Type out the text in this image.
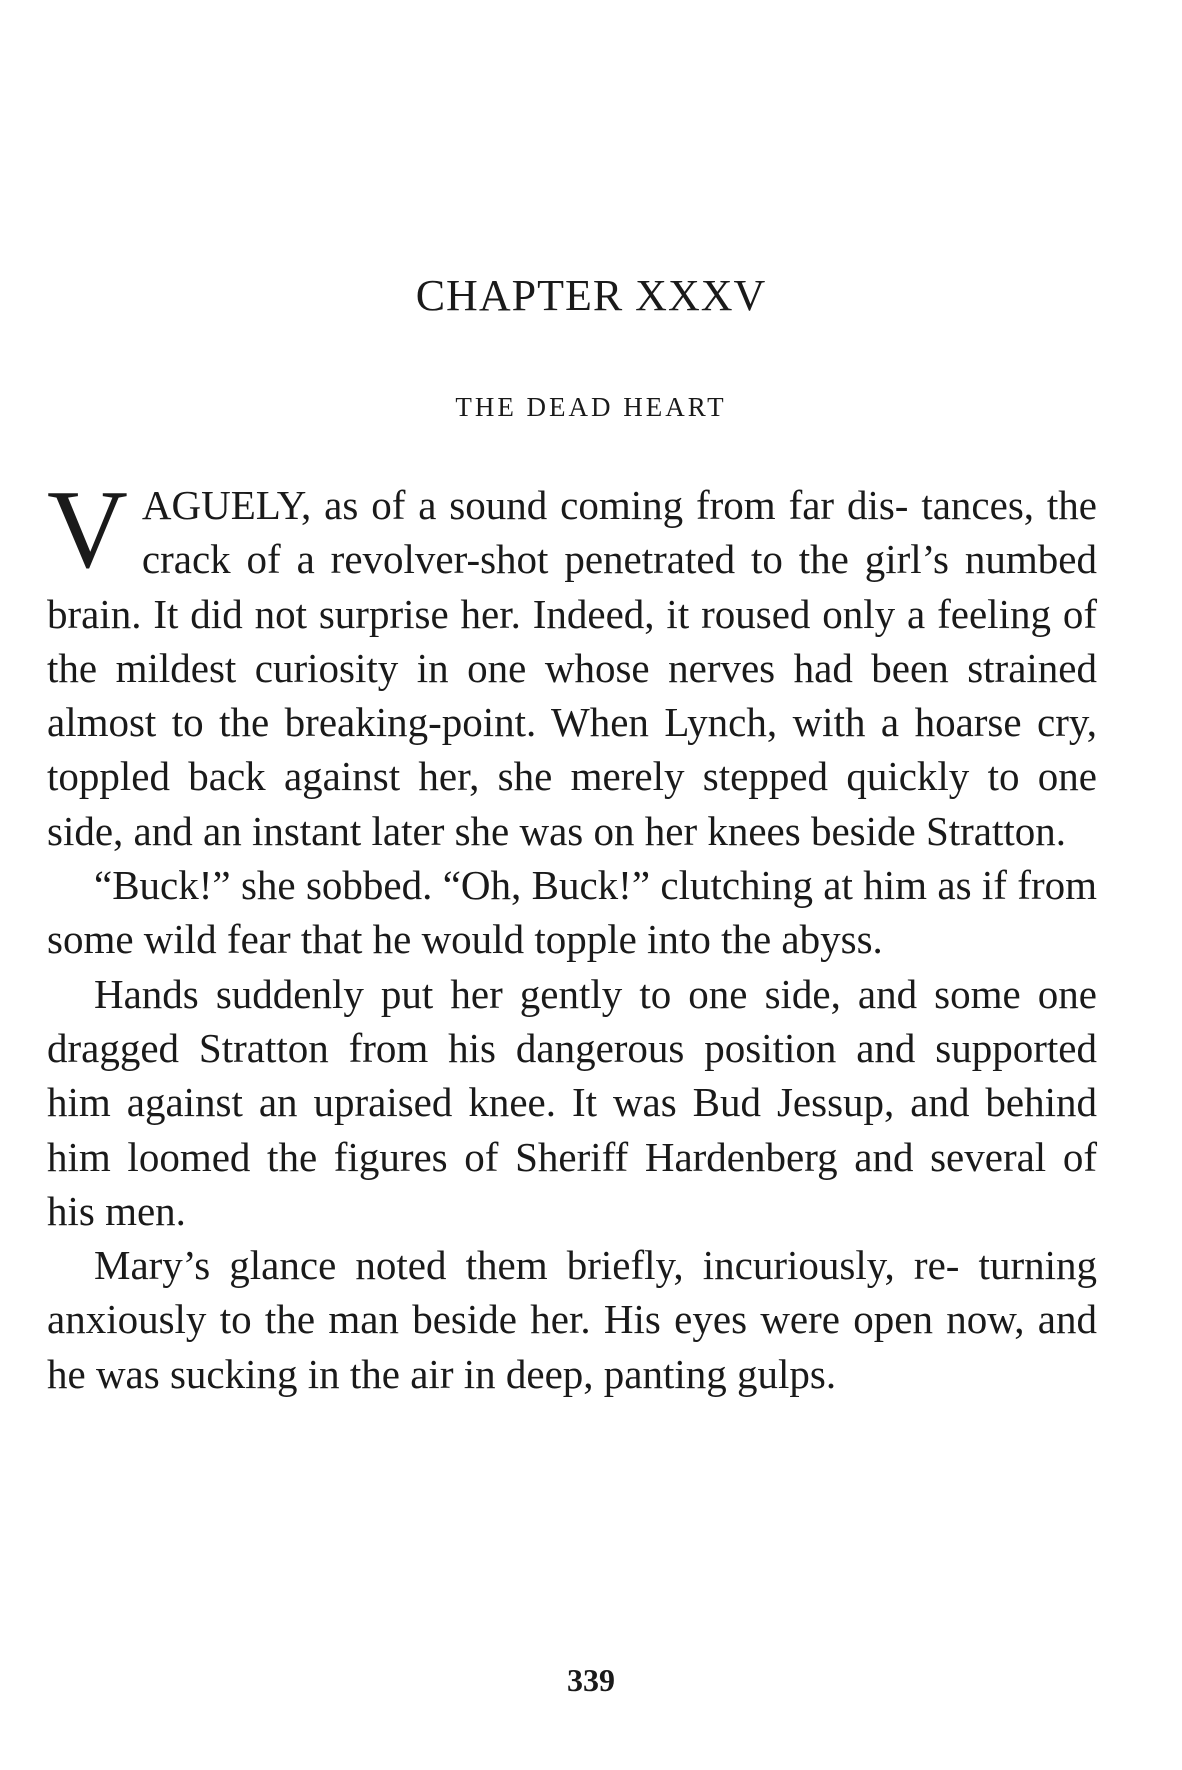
CHAPTER XXXV
THE DEAD HEART

VAGUELY, as of a sound coming from far dis- tances, the crack of a revolver-shot penetrated to the girl’s numbed brain. It did not surprise her. Indeed, it roused only a feeling of the mildest curiosity in one whose nerves had been strained almost to the breaking-point. When Lynch, with a hoarse cry, toppled back against her, she merely stepped quickly to one side, and an instant later she was on her knees beside Stratton.

“Buck!” she sobbed. “Oh, Buck!” clutching at him as if from some wild fear that he would topple into the abyss.

Hands suddenly put her gently to one side, and some one dragged Stratton from his dangerous position and supported him against an upraised knee. It was Bud Jessup, and behind him loomed the figures of Sheriff Hardenberg and several of his men.

Mary’s glance noted them briefly, incuriously, re- turning anxiously to the man beside her. His eyes were open now, and he was sucking in the air in deep, panting gulps.

339
